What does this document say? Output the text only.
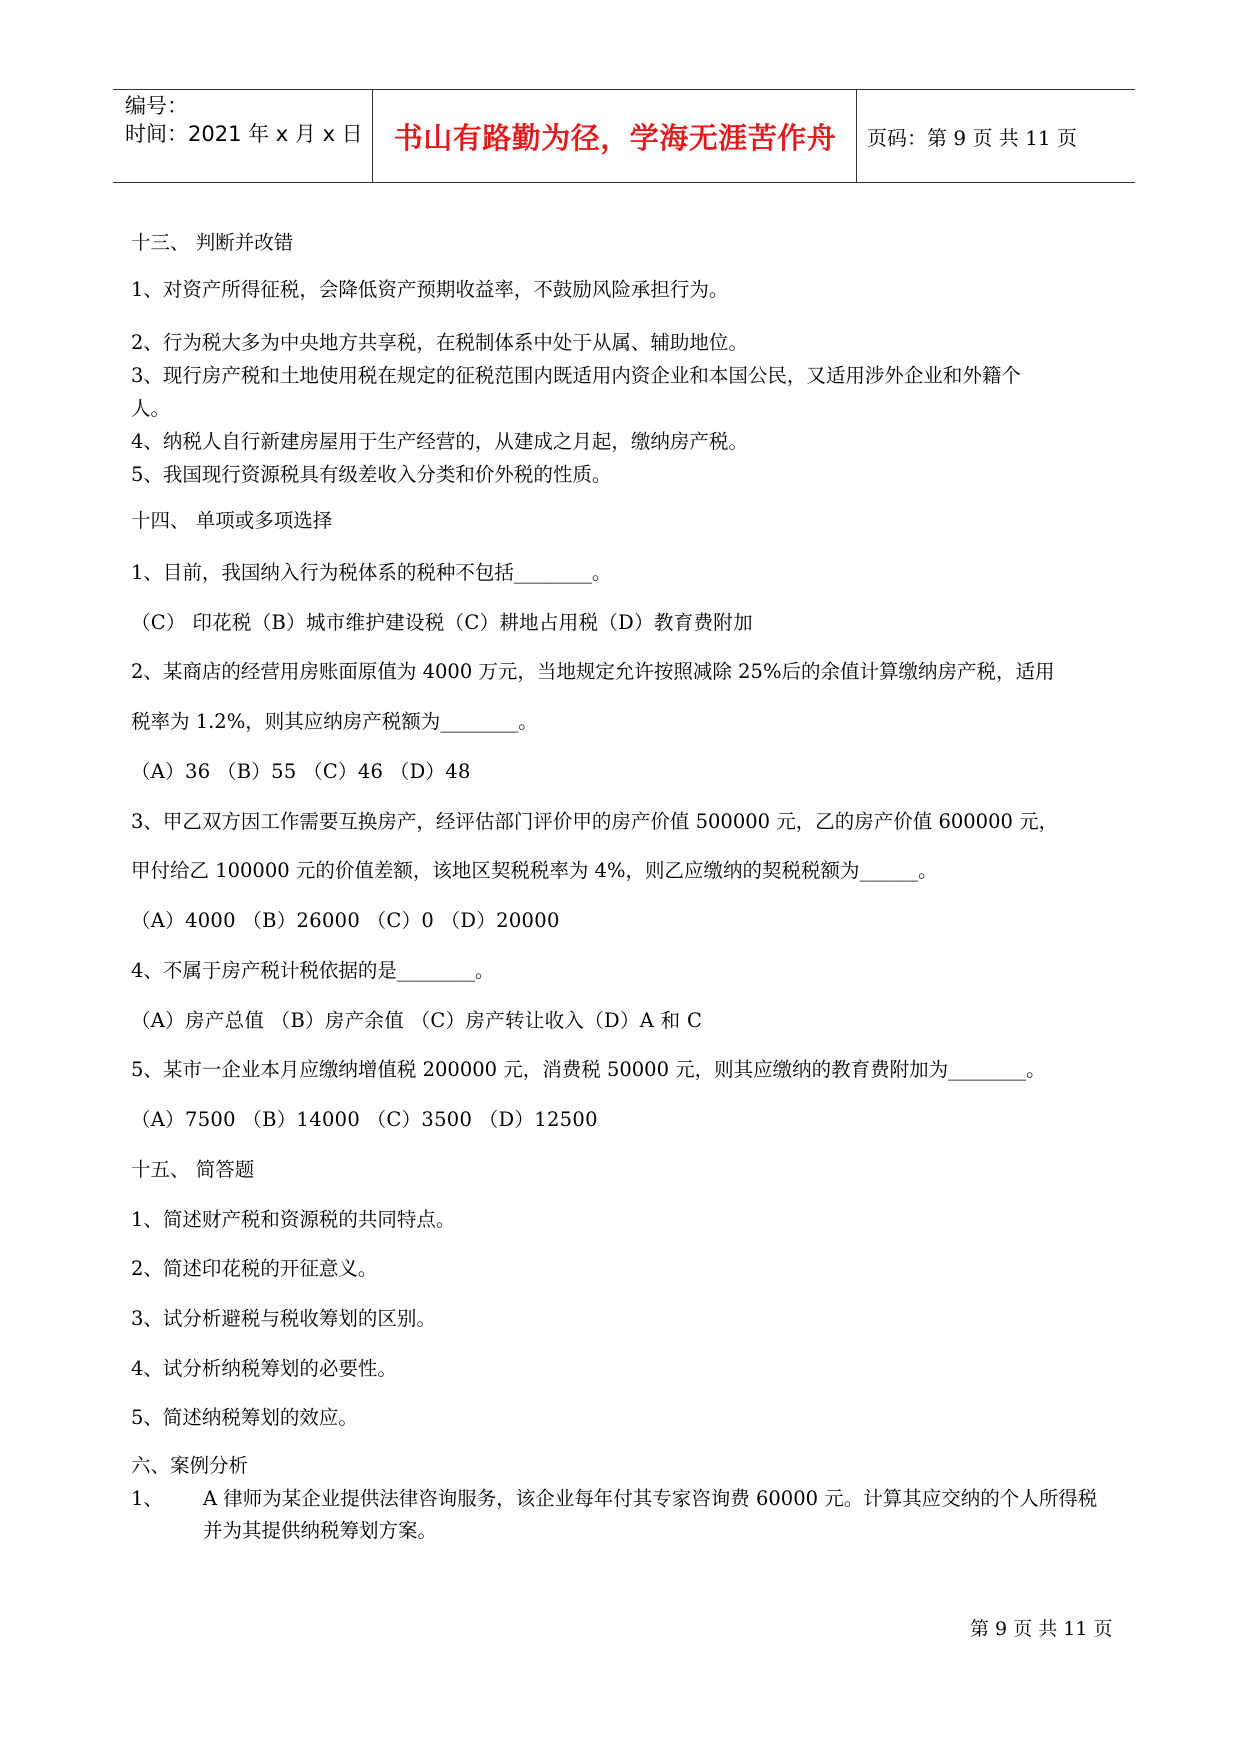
编号：
时间：2021 年 x 月 x 日	书山有路勤为径，学海无涯苦作舟	页码：第 9 页 共 11 页
十三、 判断并改错
1、对资产所得征税，会降低资产预期收益率，不鼓励风险承担行为。
2、行为税大多为中央地方共享税，在税制体系中处于从属、辅助地位。
3、现行房产税和土地使用税在规定的征税范围内既适用内资企业和本国公民，又适用涉外企业和外籍个
人。
4、纳税人自行新建房屋用于生产经营的，从建成之月起，缴纳房产税。
5、我国现行资源税具有级差收入分类和价外税的性质。
十四、 单项或多项选择
1、目前，我国纳入行为税体系的税种不包括________。
（C） 印花税（B）城市维护建设税（C）耕地占用税（D）教育费附加
2、某商店的经营用房账面原值为 4000 万元，当地规定允许按照减除 25%后的余值计算缴纳房产税，适用
税率为 1.2%，则其应纳房产税额为________。
（A）36 （B）55 （C）46 （D）48
3、甲乙双方因工作需要互换房产，经评估部门评价甲的房产价值 500000 元，乙的房产价值 600000 元，
甲付给乙 100000 元的价值差额，该地区契税税率为 4%，则乙应缴纳的契税税额为______。
（A）4000 （B）26000 （C）0 （D）20000
4、不属于房产税计税依据的是________。
（A）房产总值 （B）房产余值 （C）房产转让收入（D）A 和 C
5、某市一企业本月应缴纳增值税 200000 元，消费税 50000 元，则其应缴纳的教育费附加为________。
（A）7500 （B）14000 （C）3500 （D）12500
十五、 简答题
1、简述财产税和资源税的共同特点。
2、简述印花税的开征意义。
3、试分析避税与税收筹划的区别。
4、试分析纳税筹划的必要性。
5、简述纳税筹划的效应。
六、案例分析
1、 A 律师为某企业提供法律咨询服务，该企业每年付其专家咨询费 60000 元。计算其应交纳的个人所得税并为其提供纳税筹划方案。
第 9 页 共 11 页
